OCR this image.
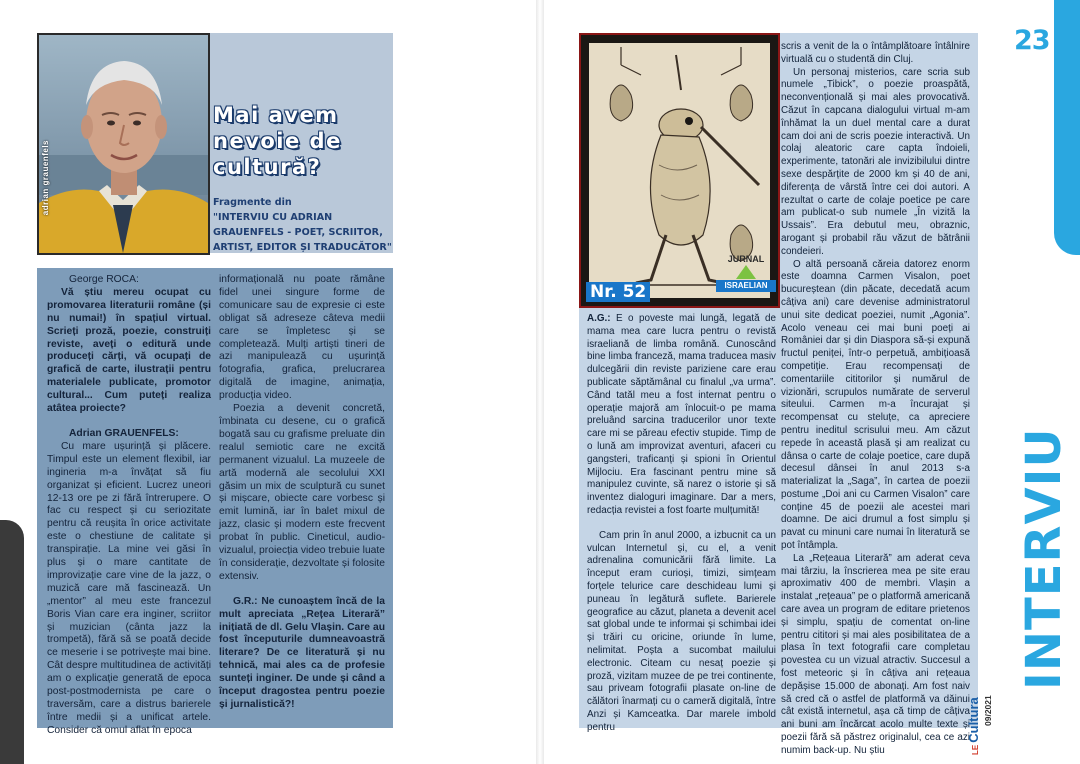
adrian grauenfels
Mai avem
nevoie de
cultură?
Fragmente din
"INTERVIU CU ADRIAN
GRAUENFELS - POET, SCRIITOR,
ARTIST, EDITOR ȘI TRADUCĂTOR"

George ROCA:

Vă știu mereu ocupat cu promovarea literaturii române (și nu numai!) în spațiul virtual. Scrieți proză, poezie, construiți reviste, aveți o editură unde produceți cărți, vă ocupați de grafică de carte, ilustrații pentru materialele publicate, promotor cultural... Cum puteți realiza atâtea proiecte?

Adrian GRAUENFELS:

Cu mare ușurință și plăcere. Timpul este un element flexibil, iar ingineria m-a învățat să fiu organizat și eficient. Lucrez uneori 12-13 ore pe zi fără întrerupere. O fac cu respect și cu seriozitate pentru că reușita în orice activitate este o chestiune de calitate și transpirație. La mine vei găsi în plus și o mare cantitate de improvizație care vine de la jazz, o muzică care mă fascinează. Un „mentor” al meu este francezul Boris Vian care era inginer, scriitor și muzician (cânta jazz la trompetă), fără să se poată decide ce meserie i se potrivește mai bine. Cât despre multitudinea de activități am o explicație generată de epoca post-postmodernista pe care o traversăm, care a distrus barierele între medii și a unificat artele. Consider că omul aflat în epoca

informațională nu poate rămâne fidel unei singure forme de comunicare sau de expresie ci este obligat să adreseze câteva medii care se împletesc și se completează. Mulți artiști tineri de azi manipulează cu ușurință fotografia, grafica, prelucrarea digitală de imagine, animația, producția video.

Poezia a devenit concretă, îmbinata cu desene, cu o grafică bogată sau cu grafisme preluate din realul semiotic care ne excită permanent vizualul. La muzeele de artă modernă ale secolului XXI găsim un mix de sculptură cu sunet și mișcare, obiecte care vorbesc și emit lumină, iar în balet mixul de jazz, clasic și modern este frecvent probat în public. Cineticul, audio-vizualul, proiecția video trebuie luate în considerație, dezvoltate și folosite extensiv.

G.R.: Ne cunoaștem încă de la mult apreciata „Rețea Literară” inițiată de dl. Gelu Vlașin. Care au fost începuturile dumneavoastră literare? De ce literatură și nu tehnică, mai ales ca de profesie sunteți inginer. De unde și când a început dragostea pentru poezie și jurnalistică?!

23
Nr. 52
JURNAL
ISRAELIAN

A.G.: E o poveste mai lungă, legată de mama mea care lucra pentru o revistă israeliană de limba română. Cunoscând bine limba franceză, mama traducea masiv dulcegării din reviste pariziene care erau publicate săptămânal cu finalul „va urma”. Când tatăl meu a fost internat pentru o operație majoră am înlocuit-o pe mama preluând sarcina traducerilor unor texte care mi se păreau efectiv stupide. Timp de o lună am improvizat aventuri, afaceri cu gangsteri, traficanți și spioni în Orientul Mijlociu. Era fascinant pentru mine să manipulez cuvinte, să narez o istorie și să inventez dialoguri imaginare. Dar a mers, redacția revistei a fost foarte mulțumită!

Cam prin în anul 2000, a izbucnit ca un vulcan Internetul și, cu el, a venit adrenalina comunicării fără limite. La început eram curioși, timizi, simțeam forțele telurice care deschideau lumi și puneau în legătură suflete. Barierele geografice au căzut, planeta a devenit acel sat global unde te informai și schimbai idei și trăiri cu oricine, oriunde în lume, nelimitat. Poșta a sucombat mailului electronic. Citeam cu nesaț poezie și proză, vizitam muzee de pe trei continente, sau priveam fotografii plasate on-line de călători înarmați cu o cameră digitală, între Anzi și Kamceatka. Dar marele imbold pentru

scris a venit de la o întâmplătoare întâlnire virtuală cu o studentă din Cluj.

Un personaj misterios, care scria sub numele „Tibick”, o poezie proaspătă, neconvențională și mai ales provocativă. Căzut în capcana dialogului virtual m-am înhămat la un duel mental care a durat cam doi ani de scris poezie interactivă. Un colaj aleatoric care capta îndoieli, experimente, tatonări ale invizibilului dintre sexe despărțite de 2000 km și 40 de ani, diferența de vârstă între cei doi autori. A rezultat o carte de colaje poetice pe care am publicat-o sub numele „În vizită la Ussais”. Era debutul meu, obraznic, arogant și probabil rău văzut de bătrânii condeieri.

O altă persoană căreia datorez enorm este doamna Carmen Visalon, poet bucureștean (din păcate, decedată acum câțiva ani) care devenise administratorul unui site dedicat poeziei, numit „Agonia”. Acolo veneau cei mai buni poeți ai României dar și din Diaspora să-și expună fructul peniței, într-o perpetuă, ambițioasă competiție. Erau recompensați de comentariile cititorilor și numărul de vizionări, scrupulos numărate de serverul siteului. Carmen m-a încurajat și recompensat cu steluțe, ca apreciere pentru ineditul scrisului meu. Am căzut repede în aceastǎ plasă și am realizat cu dânsa o carte de colaje poetice, care după decesul dânsei în anul 2013 s-a materializat la „Saga”, în cartea de poezii postume „Doi ani cu Carmen Visalon” care conține 45 de poezii ale acestei mari doamne. De aici drumul a fost simplu și pavat cu minuni care numai în literatură se pot întâmpla.

La „Rețeaua Literară” am aderat ceva mai târziu, la înscrierea mea pe site erau aproximativ 400 de membri. Vlașin a instalat „rețeaua” pe o platformă americană care avea un program de editare prietenos și simplu, spațiu de comentat on-line pentru cititori și mai ales posibilitatea de a plasa în text fotografii care completau povestea cu un vizual atractiv. Succesul a fost meteoric și în câțiva ani rețeaua depășise 15.000 de abonați. Am fost naiv să cred că o astfel de platformă va dăinui cât există internetul, așa că timp de câțiva ani buni am încărcat acolo multe texte și poezii fără să păstrez originalul, cea ce azi numim back-up. Nu știu

INTERVIU
LECultura 09/2021
